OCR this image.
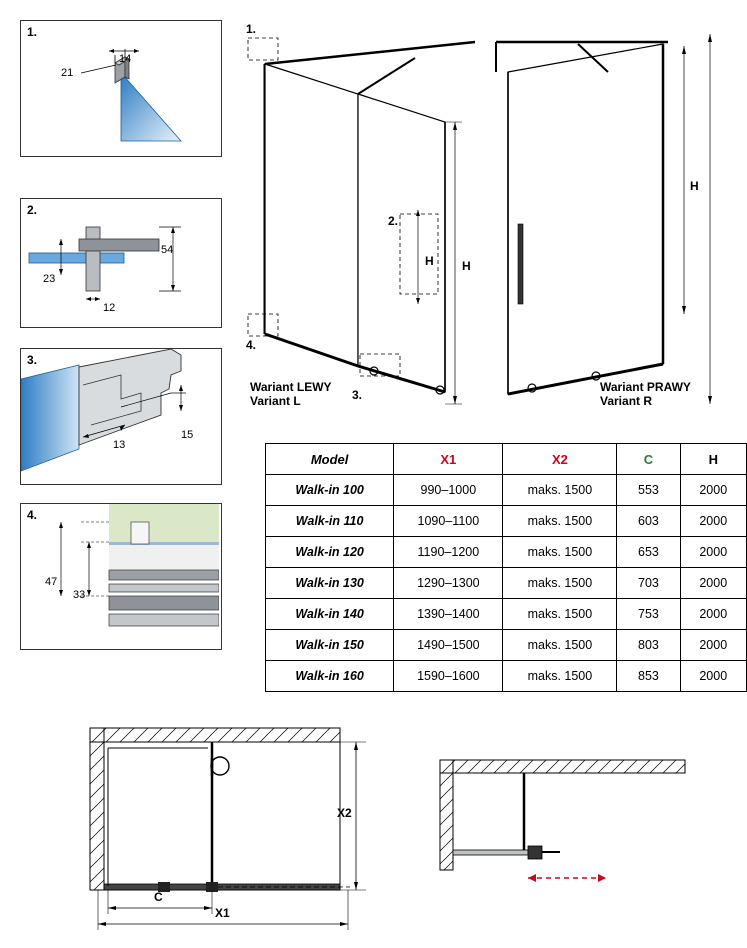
1.
21
14
2.
54
23
12
3.
15
13
4.
47
33
1.
2.
3.
4.
H H
Wariant LEWY
Variant L
H
Wariant PRAWY
Variant R
Model	X1	X2	C	H
Walk-in 100	990–1000	maks. 1500	553	2000
Walk-in 110	1090–1100	maks. 1500	603	2000
Walk-in 120	1190–1200	maks. 1500	653	2000
Walk-in 130	1290–1300	maks. 1500	703	2000
Walk-in 140	1390–1400	maks. 1500	753	2000
Walk-in 150	1490–1500	maks. 1500	803	2000
Walk-in 160	1590–1600	maks. 1500	853	2000
X2
C
X1
